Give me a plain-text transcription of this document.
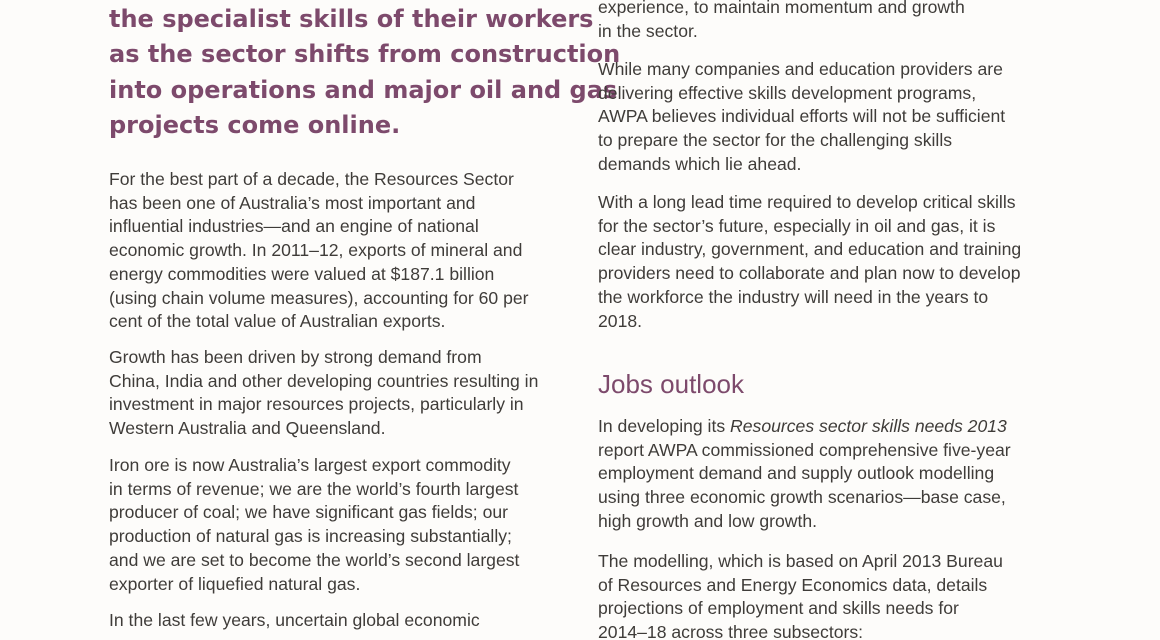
the specialist skills of their workers
as the sector shifts from construction
into operations and major oil and gas
projects come online.

For the best part of a decade, the Resources Sector
has been one of Australia’s most important and
influential industries—and an engine of national
economic growth. In 2011–12, exports of mineral and
energy commodities were valued at $187.1 billion
(using chain volume measures), accounting for 60 per
cent of the total value of Australian exports.

Growth has been driven by strong demand from
China, India and other developing countries resulting in
investment in major resources projects, particularly in
Western Australia and Queensland.

Iron ore is now Australia’s largest export commodity
in terms of revenue; we are the world’s fourth largest
producer of coal; we have significant gas fields; our
production of natural gas is increasing substantially;
and we are set to become the world’s second largest
exporter of liquefied natural gas.

In the last few years, uncertain global economic

experience, to maintain momentum and growth
in the sector.

While many companies and education providers are
delivering effective skills development programs,
AWPA believes individual efforts will not be sufficient
to prepare the sector for the challenging skills
demands which lie ahead.

With a long lead time required to develop critical skills
for the sector’s future, especially in oil and gas, it is
clear industry, government, and education and training
providers need to collaborate and plan now to develop
the workforce the industry will need in the years to
2018.

Jobs outlook

In developing its Resources sector skills needs 2013
report AWPA commissioned comprehensive five-year
employment demand and supply outlook modelling
using three economic growth scenarios—base case,
high growth and low growth.

The modelling, which is based on April 2013 Bureau
of Resources and Energy Economics data, details
projections of employment and skills needs for
2014–18 across three subsectors:
